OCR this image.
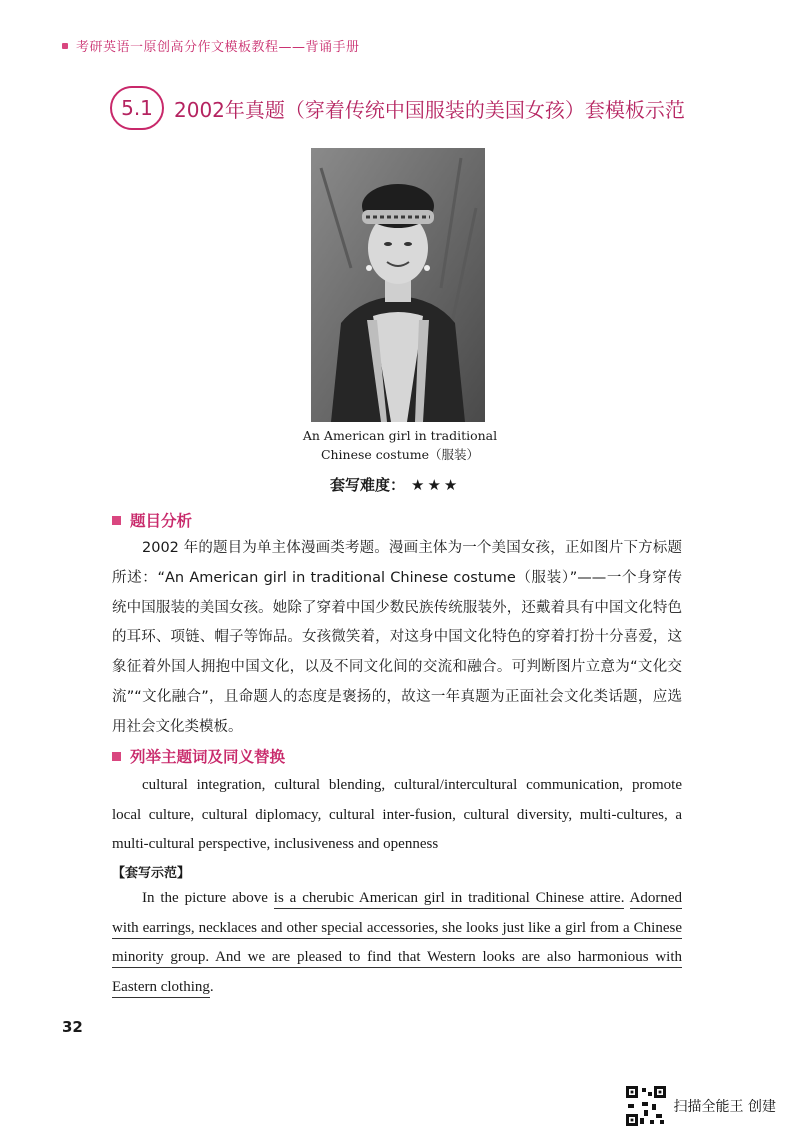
考研英语一原创高分作文模板教程——背诵手册
5.1	2002年真题（穿着传统中国服装的美国女孩）套模板示范
An American girl in traditional
Chinese costume（服装）
套写难度： ★★★
题目分析
2002 年的题目为单主体漫画类考题。漫画主体为一个美国女孩，正如图片下方标题所述：“An American girl in traditional Chinese costume（服装）”——一个身穿传统中国服装的美国女孩。她除了穿着中国少数民族传统服装外，还戴着具有中国文化特色的耳环、项链、帽子等饰品。女孩微笑着，对这身中国文化特色的穿着打扮十分喜爱，这象征着外国人拥抱中国文化，以及不同文化间的交流和融合。可判断图片立意为“文化交流”“文化融合”，且命题人的态度是褒扬的，故这一年真题为正面社会文化类话题，应选用社会文化类模板。
列举主题词及同义替换
cultural integration, cultural blending, cultural/intercultural communication, promote local culture, cultural diplomacy, cultural inter-fusion, cultural diversity, multi-cultures, a multi-cultural perspective, inclusiveness and openness
【套写示范】
In the picture above is a cherubic American girl in traditional Chinese attire. Adorned with earrings, necklaces and other special accessories, she looks just like a girl from a Chinese minority group. And we are pleased to find that Western looks are also harmonious with Eastern clothing.
32
扫描全能王 创建
